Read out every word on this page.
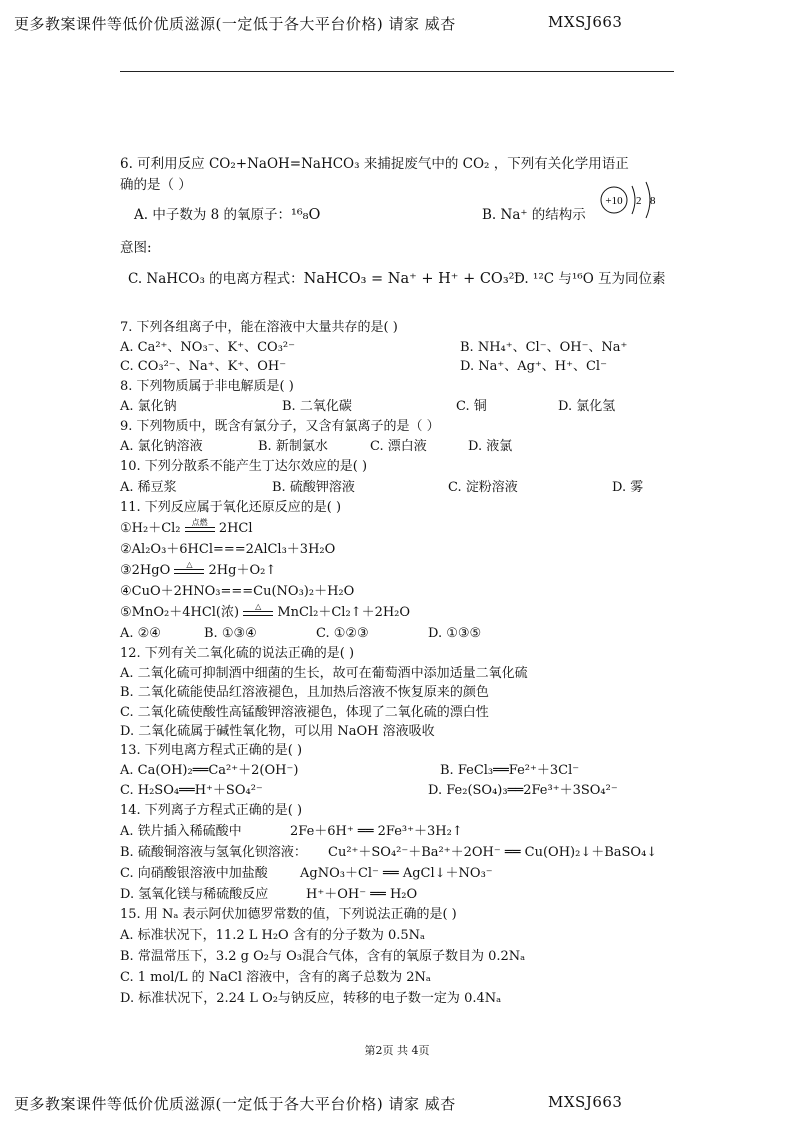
更多教案课件等低价优质滋源(一定低于各大平台价格) 请家 威杏	MXSJ663
6. 可利用反应 CO₂+NaOH=NaHCO₃ 来捕捉废气中的 CO₂ ，下列有关化学用语正
确的是（ ）
A. 中子数为 8 的氧原子：¹⁶₈O	B. Na⁺ 的结构示
+10 2 8
意图:
C. NaHCO₃ 的电离方程式：NaHCO₃ = Na⁺ + H⁺ + CO₃²⁻
D. ¹²C 与¹⁶O 互为同位素
7. 下列各组离子中，能在溶液中大量共存的是( )
A. Ca²⁺、NO₃⁻、K⁺、CO₃²⁻	B. NH₄⁺、Cl⁻、OH⁻、Na⁺
C. CO₃²⁻、Na⁺、K⁺、OH⁻	D. Na⁺、Ag⁺、H⁺、Cl⁻
8. 下列物质属于非电解质是( )
A. 氯化钠	B. 二氧化碳	C. 铜	D. 氯化氢
9. 下列物质中，既含有氯分子，又含有氯离子的是（ ）
A. 氯化钠溶液	B. 新制氯水	C. 漂白液	D. 液氯
10. 下列分散系不能产生丁达尔效应的是( )
A. 稀豆浆	B. 硫酸钾溶液	C. 淀粉溶液	D. 雾
11. 下列反应属于氧化还原反应的是( )
①H₂＋Cl₂	点燃 2HCl
②Al₂O₃＋6HCl===2AlCl₃＋3H₂O
③2HgO	△	2Hg＋O₂↑
④CuO＋2HNO₃===Cu(NO₃)₂＋H₂O
⑤MnO₂＋4HCl(浓)	△	MnCl₂＋Cl₂↑＋2H₂O
A. ②④	B. ①③④	C. ①②③	D. ①③⑤
12. 下列有关二氧化硫的说法正确的是( )
A. 二氧化硫可抑制酒中细菌的生长，故可在葡萄酒中添加适量二氧化硫
B. 二氧化硫能使品红溶液褪色，且加热后溶液不恢复原来的颜色
C. 二氧化硫使酸性高锰酸钾溶液褪色，体现了二氧化硫的漂白性
D. 二氧化硫属于碱性氧化物，可以用 NaOH 溶液吸收
13. 下列电离方程式正确的是( )
A. Ca(OH)₂══Ca²⁺＋2(OH⁻)	B. FeCl₃══Fe²⁺＋3Cl⁻
C. H₂SO₄══H⁺＋SO₄²⁻	D. Fe₂(SO₄)₃══2Fe³⁺＋3SO₄²⁻
14. 下列离子方程式正确的是( )
A. 铁片插入稀硫酸中	2Fe＋6H⁺ ══ 2Fe³⁺＋3H₂↑
B. 硫酸铜溶液与氢氧化钡溶液： Cu²⁺＋SO₄²⁻＋Ba²⁺＋2OH⁻ ══ Cu(OH)₂↓＋BaSO₄↓
C. 向硝酸银溶液中加盐酸 AgNO₃＋Cl⁻ ══ AgCl↓＋NO₃⁻
D. 氢氧化镁与稀硫酸反应	H⁺＋OH⁻ ══ H₂O
15. 用 Nₐ 表示阿伏加德罗常数的值，下列说法正确的是( )
A. 标准状况下，11.2 L H₂O 含有的分子数为 0.5Nₐ
B. 常温常压下，3.2 g O₂与 O₃混合气体，含有的氧原子数目为 0.2Nₐ
C. 1 mol/L 的 NaCl 溶液中，含有的离子总数为 2Nₐ
D. 标准状况下，2.24 L O₂与钠反应，转移的电子数一定为 0.4Nₐ
第2页 共 4页
更多教案课件等低价优质滋源(一定低于各大平台价格) 请家 威杏	MXSJ663
